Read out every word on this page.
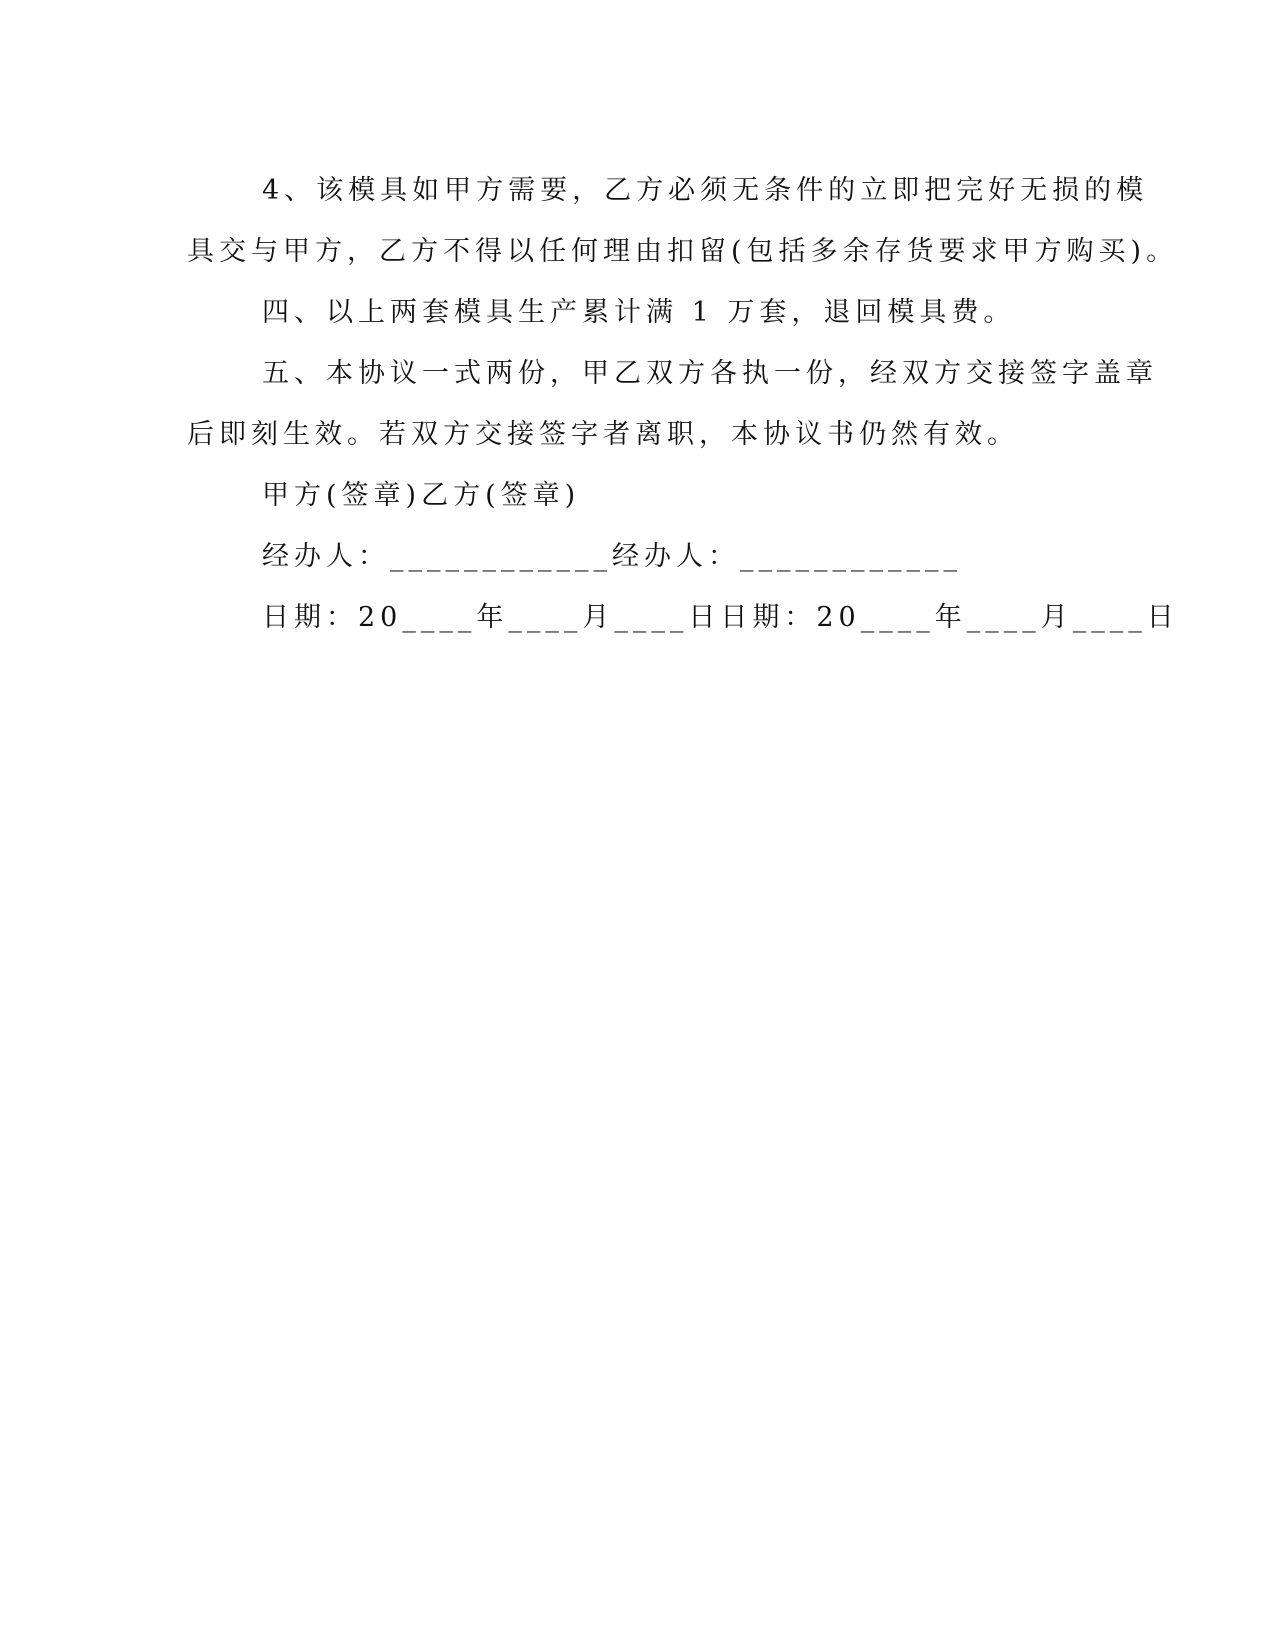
4、该模具如甲方需要，乙方必须无条件的立即把完好无损的模

具交与甲方，乙方不得以任何理由扣留(包括多余存货要求甲方购买)。

四、以上两套模具生产累计满 1 万套，退回模具费。

五、本协议一式两份，甲乙双方各执一份，经双方交接签字盖章

后即刻生效。若双方交接签字者离职，本协议书仍然有效。

甲方(签章)乙方(签章)

经办人：____________经办人：____________

日期：20____年____月____日日期：20____年____月____日
